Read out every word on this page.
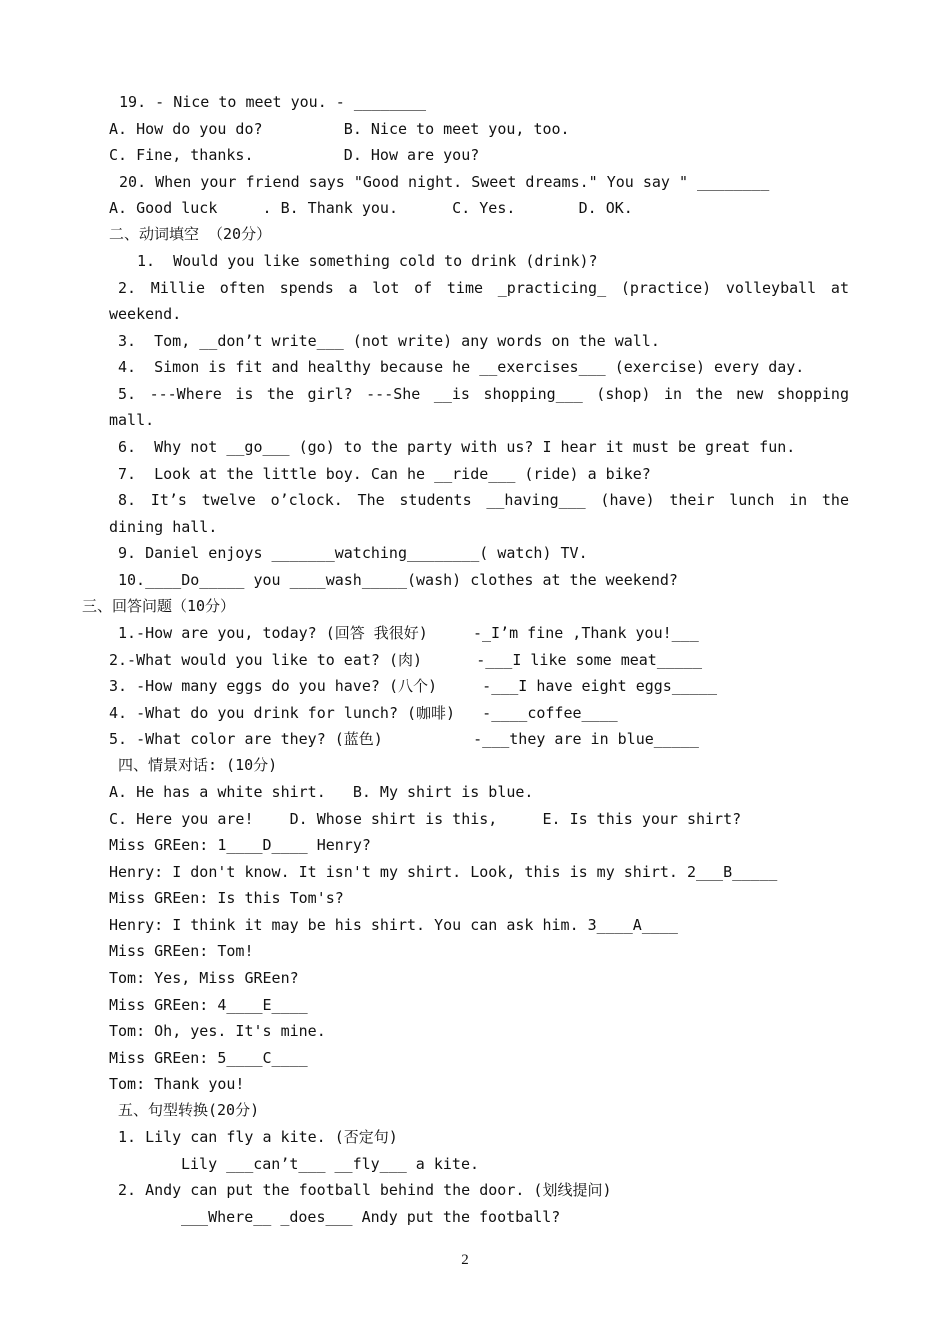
19. - Nice to meet you. - ________
A. How do you do?         B. Nice to meet you, too.
C. Fine, thanks.          D. How are you?
20. When your friend says "Good night. Sweet dreams." You say " ________
A. Good luck     . B. Thank you.      C. Yes.       D. OK.
二、动词填空 （20分）
1.  Would you like something cold to drink (drink)?
2. Millie often spends a lot of time _practicing_ (practice) volleyball at
weekend.
3.  Tom, __don’t write___ (not write) any words on the wall.
4.  Simon is fit and healthy because he __exercises___ (exercise) every day.
5. ---Where is the girl? ---She __is shopping___ (shop) in the new shopping
mall.
6.  Why not __go___ (go) to the party with us? I hear it must be great fun.
7.  Look at the little boy. Can he __ride___ (ride) a bike?
8. It’s twelve o’clock. The students __having___ (have) their lunch in the
dining hall.
9. Daniel enjoys _______watching________( watch) TV.
10.____Do_____ you ____wash_____(wash) clothes at the weekend?
三、回答问题（10分）
1.-How are you, today? (回答 我很好)     -_I’m fine ,Thank you!___
2.-What would you like to eat? (肉)      -___I like some meat_____
3. -How many eggs do you have? (八个)     -___I have eight eggs_____
4. -What do you drink for lunch? (咖啡)   -____coffee____
5. -What color are they? (蓝色)          -___they are in blue_____
四、情景对话: (10分)
A. He has a white shirt.   B. My shirt is blue.
C. Here you are!    D. Whose shirt is this,     E. Is this your shirt?
Miss GREen: 1____D____ Henry?
Henry: I don't know. It isn't my shirt. Look, this is my shirt. 2___B_____
Miss GREen: Is this Tom's?
Henry: I think it may be his shirt. You can ask him. 3____A____
Miss GREen: Tom!
Tom: Yes, Miss GREen?
Miss GREen: 4____E____
Tom: Oh, yes. It's mine.
Miss GREen: 5____C____
Tom: Thank you!
五、句型转换(20分)
1. Lily can fly a kite. (否定句)
Lily ___can’t___ __fly___ a kite.
2. Andy can put the football behind the door. (划线提问)
___Where__ _does___ Andy put the football?
2
